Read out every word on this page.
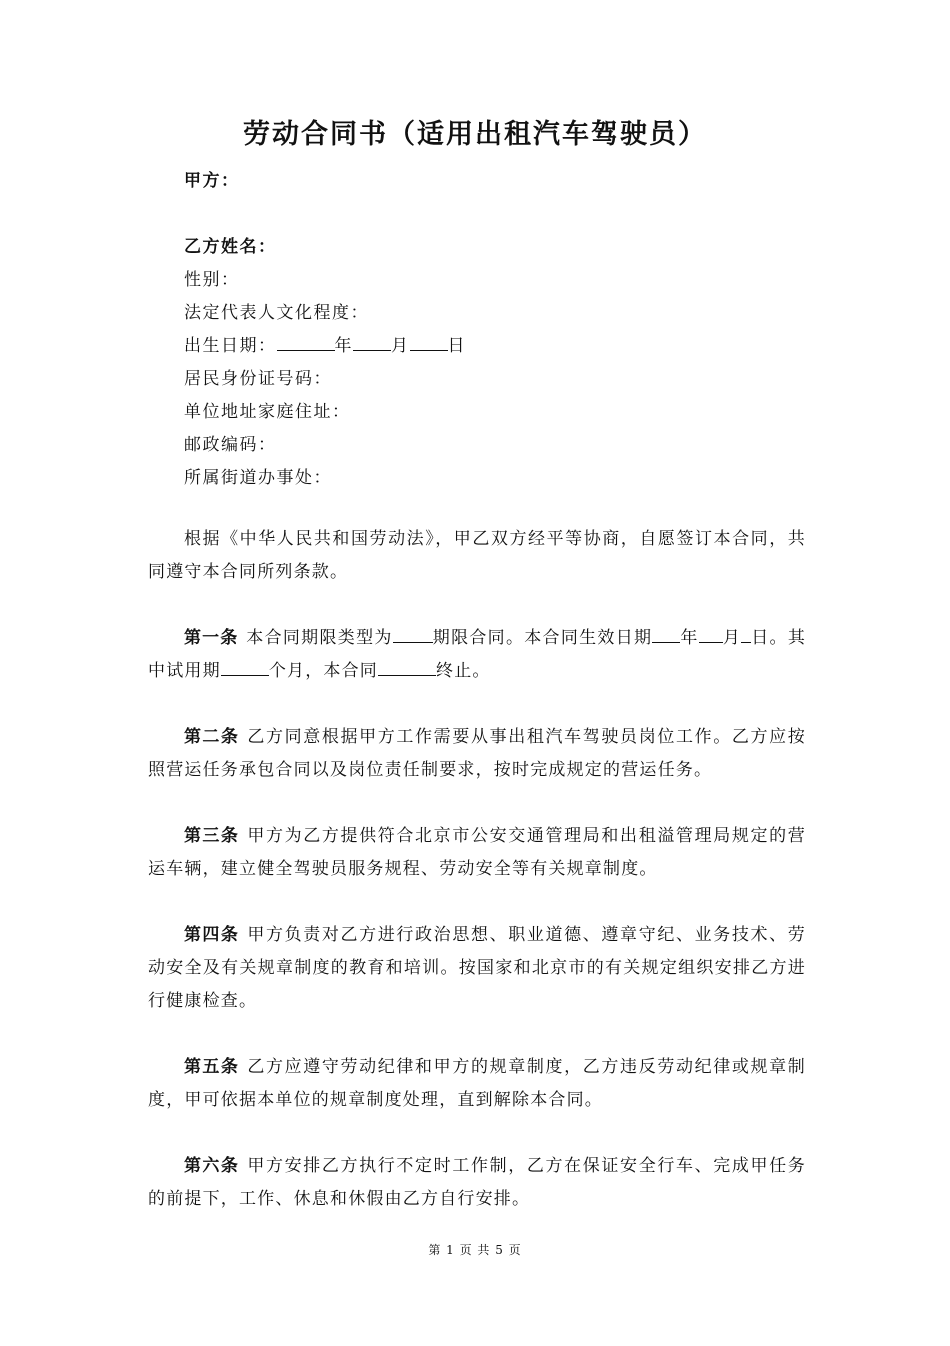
劳动合同书（适用出租汽车驾驶员）
甲方：
乙方姓名：
性别：
法定代表人文化程度：
出生日期：	年 月 日
居民身份证号码：
单位地址家庭住址：
邮政编码：
所属街道办事处：

根据《中华人民共和国劳动法》，甲乙双方经平等协商，自愿签订本合同，共同遵守本合同所列条款。

第一条 本合同期限类型为 期限合同。本合同生效日期 年 月 日。其中试用期	个月，本合同	终止。

第二条 乙方同意根据甲方工作需要从事出租汽车驾驶员岗位工作。乙方应按照营运任务承包合同以及岗位责任制要求，按时完成规定的营运任务。

第三条 甲方为乙方提供符合北京市公安交通管理局和出租溢管理局规定的营运车辆，建立健全驾驶员服务规程、劳动安全等有关规章制度。

第四条 甲方负责对乙方进行政治思想、职业道德、遵章守纪、业务技术、劳动安全及有关规章制度的教育和培训。按国家和北京市的有关规定组织安排乙方进行健康检查。

第五条 乙方应遵守劳动纪律和甲方的规章制度，乙方违反劳动纪律或规章制度，甲可依据本单位的规章制度处理，直到解除本合同。

第六条 甲方安排乙方执行不定时工作制，乙方在保证安全行车、完成甲任务的前提下，工作、休息和休假由乙方自行安排。

第 1 页 共 5 页
